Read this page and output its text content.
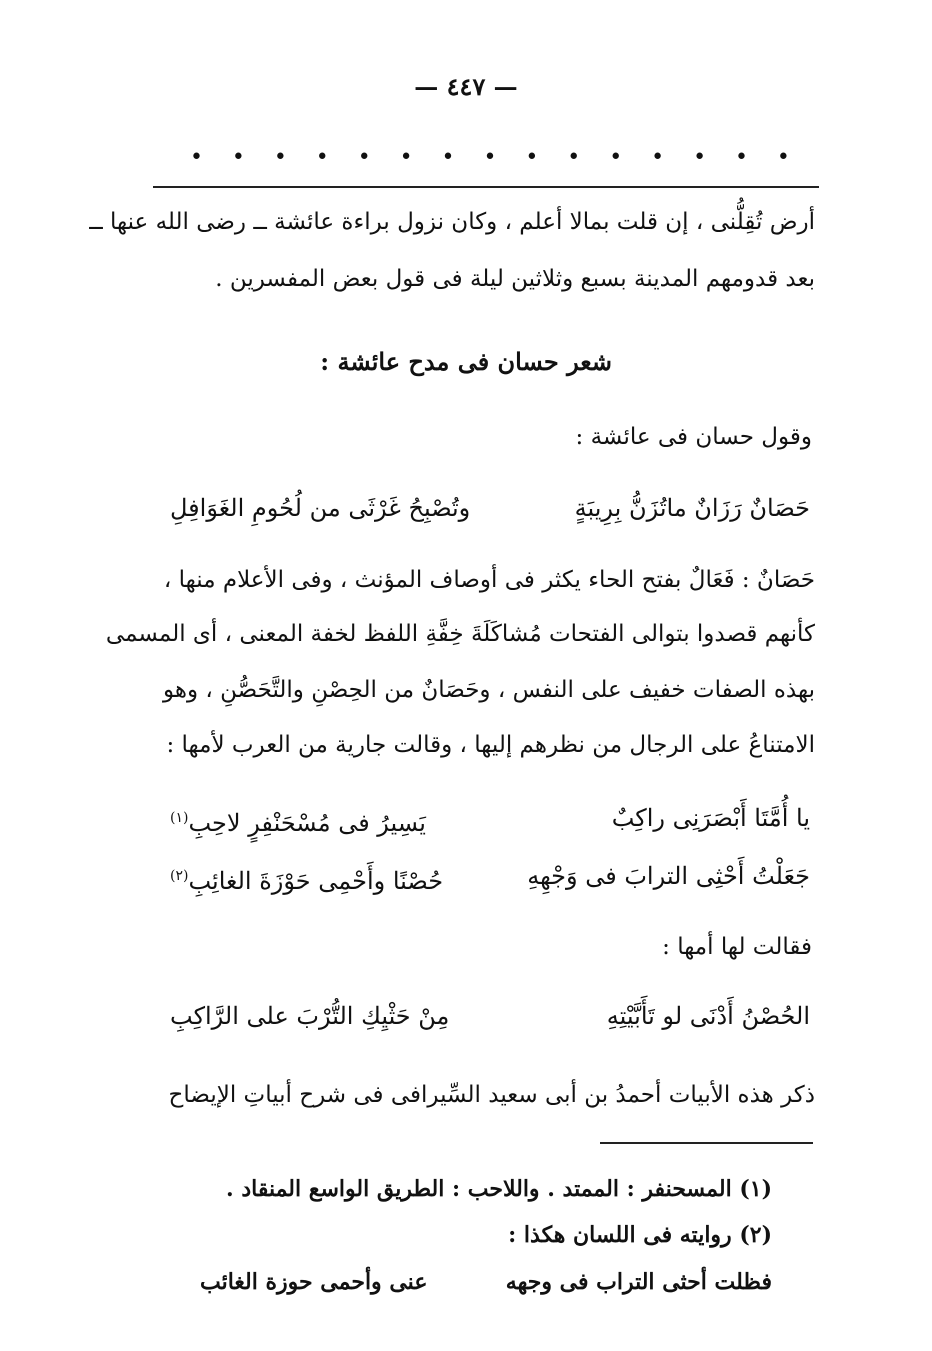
— ٤٤٧ —
• • • • • • • • • • • • • • •
أرض تُقِلُّنى ، إن قلت بمالا أعلم ، وكان نزول براءة عائشة ــ رضى الله عنها ــ
بعد قدومهم المدينة بسبع وثلاثين ليلة فى قول بعض المفسرين .
شعر حسان فى مدح عائشة :
وقول حسان فى عائشة :
حَصَانٌ رَزَانٌ ماتُزَنُّ بِرِيبَةٍ
وتُصْبِحُ غَرْثَى من لُحُومِ الغَوَافِلِ
حَصَانٌ : فَعَالٌ بفتح الحاء يكثر فى أوصاف المؤنث ، وفى الأعلام منها ،
كأنهم قصدوا بتوالى الفتحات مُشاكَلَةَ خِفَّةِ اللفظ لخفة المعنى ، أى المسمى
بهذه الصفات خفيف على النفس ، وحَصَانٌ من الحِصْنِ والتَّحَصُّنِ ، وهو
الامتناعُ على الرجال من نظرهم إليها ، وقالت جارية من العرب لأمها :
يا أُمَّتَا أَبْصَرَنِى راكِبٌ
يَسِيرُ فى مُسْحَنْفِرٍ لاحِبِ$^{(١)}$
جَعَلْتُ أَحْثِى الترابَ فى وَجْهِهِ
حُصْنًا وأَحْمِى حَوْزَةَ الغائِبِ$^{(٢)}$
فقالت لها أمها :
الحُصْنُ أَدْنَى لو تَأَبَّيْتِهِ
مِنْ حَثْيِكِ التُّرْبَ على الرَّاكِبِ
ذكر هذه الأبيات أحمدُ بن أبى سعيد السِّيرافى فى شرح أبياتِ الإيضاح
(١) المسحنفر : الممتد . واللاحب : الطريق الواسع المنقاد .
(٢) روايته فى اللسان هكذا :
فظلت أحثى التراب فى وجهه
عنى وأحمى حوزة الغائب
